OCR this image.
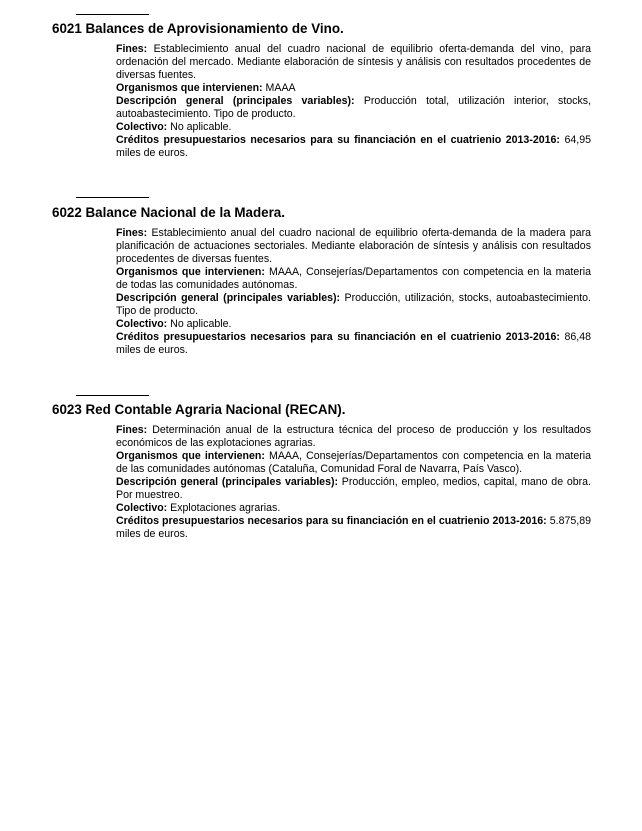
6021 Balances de Aprovisionamiento de Vino.

Fines: Establecimiento anual del cuadro nacional de equilibrio oferta-demanda del vino, para ordenación del mercado. Mediante elaboración de síntesis y análisis con resultados procedentes de diversas fuentes.

Organismos que intervienen: MAAA

Descripción general (principales variables): Producción total, utilización interior, stocks, autoabastecimiento. Tipo de producto.

Colectivo: No aplicable.

Créditos presupuestarios necesarios para su financiación en el cuatrienio 2013-2016: 64,95 miles de euros.

6022 Balance Nacional de la Madera.

Fines: Establecimiento anual del cuadro nacional de equilibrio oferta-demanda de la madera para planificación de actuaciones sectoriales. Mediante elaboración de síntesis y análisis con resultados procedentes de diversas fuentes.

Organismos que intervienen: MAAA, Consejerías/Departamentos con competencia en la materia de todas las comunidades autónomas.

Descripción general (principales variables): Producción, utilización, stocks, autoabastecimiento. Tipo de producto.

Colectivo: No aplicable.

Créditos presupuestarios necesarios para su financiación en el cuatrienio 2013-2016: 86,48 miles de euros.

6023 Red Contable Agraria Nacional (RECAN).

Fines: Determinación anual de la estructura técnica del proceso de producción y los resultados económicos de las explotaciones agrarias.

Organismos que intervienen: MAAA, Consejerías/Departamentos con competencia en la materia de las comunidades autónomas (Cataluña, Comunidad Foral de Navarra, País Vasco).

Descripción general (principales variables): Producción, empleo, medios, capital, mano de obra. Por muestreo.

Colectivo: Explotaciones agrarias.

Créditos presupuestarios necesarios para su financiación en el cuatrienio 2013-2016: 5.875,89 miles de euros.
